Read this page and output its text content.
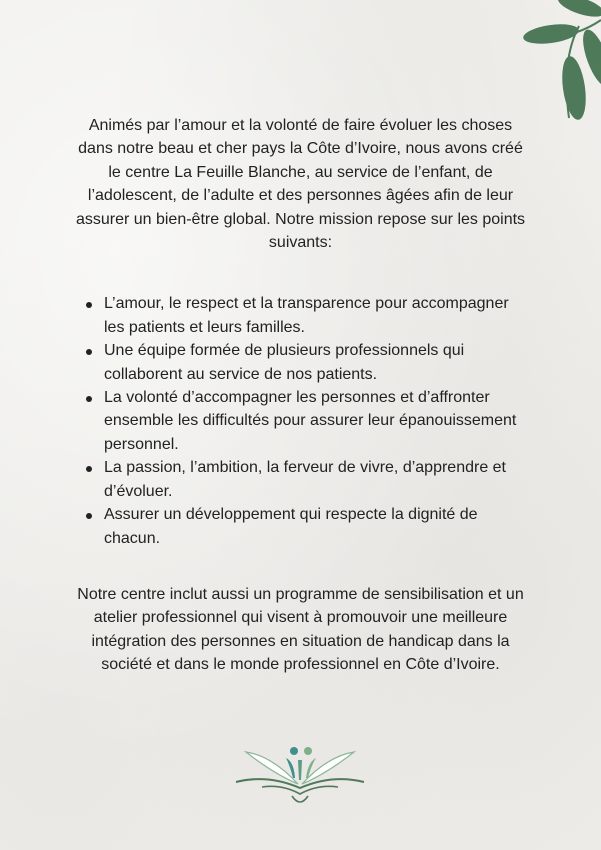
Animés par l’amour et la volonté de faire évoluer les choses dans notre beau et cher pays la Côte d’Ivoire, nous avons créé le centre La Feuille Blanche, au service de l’enfant, de l’adolescent, de l’adulte et des personnes âgées afin de leur assurer un bien-être global. Notre mission repose sur les points suivants:

L’amour, le respect et la transparence pour accompagner les patients et leurs familles.
Une équipe formée de plusieurs professionnels qui collaborent au service de nos patients.
La volonté d’accompagner les personnes et d’affronter ensemble les difficultés pour assurer leur épanouissement personnel.
La passion, l’ambition, la ferveur de vivre, d’apprendre et d’évoluer.
Assurer un développement qui respecte la dignité de chacun.

Notre centre inclut aussi un programme de sensibilisation et un atelier professionnel qui visent à promouvoir une meilleure intégration des personnes en situation de handicap dans la société et dans le monde professionnel en Côte d’Ivoire.
